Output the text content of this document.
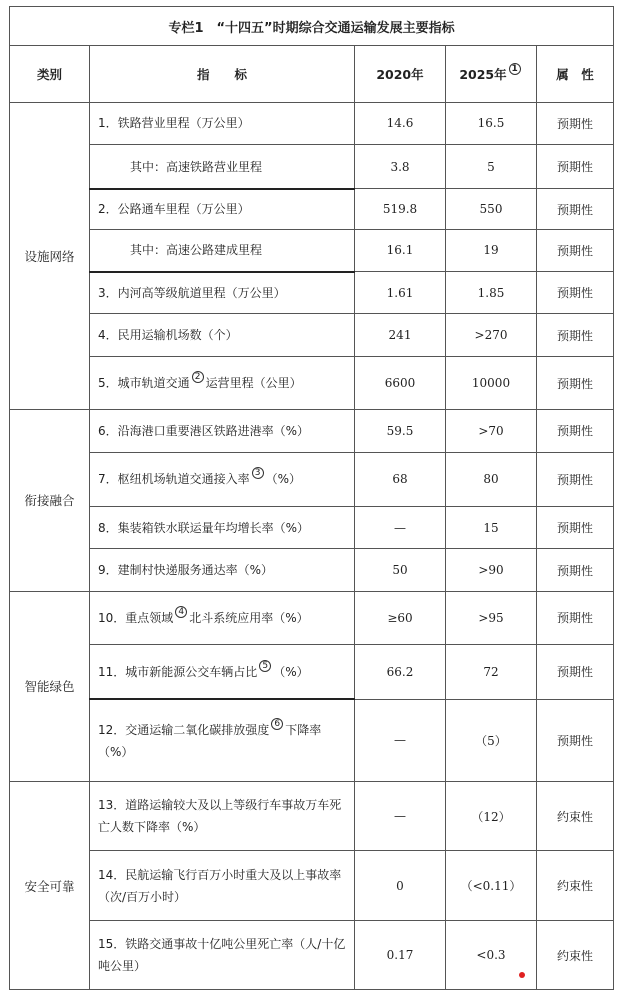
专栏1　“十四五”时期综合交通运输发展主要指标				
类别	指　　标	2020年	2025年 1	属　性
设施网络	1．铁路营业里程（万公里）	14.6	16.5	预期性
	其中：高速铁路营业里程	3.8	5	预期性
	2．公路通车里程（万公里）	519.8	550	预期性
	其中：高速公路建成里程	16.1	19	预期性
	3．内河高等级航道里程（万公里）	1.61	1.85	预期性
	4．民用运输机场数（个）	241	>270	预期性
	5．城市轨道交通 2 运营里程（公里）	6600	10000	预期性
衔接融合	6．沿海港口重要港区铁路进港率（%）	59.5	>70	预期性
	7．枢纽机场轨道交通接入率 3 （%）	68	80	预期性
	8．集装箱铁水联运量年均增长率（%）	—	15	预期性
	9．建制村快递服务通达率（%）	50	>90	预期性
智能绿色	10．重点领域 4 北斗系统应用率（%）	≥60	>95	预期性
	11．城市新能源公交车辆占比 5 （%）	66.2	72	预期性
	12．交通运输二氧化碳排放强度 6 下降率（%）	—	（5）	预期性
安全可靠	13．道路运输较大及以上等级行车事故万车死亡人数下降率（%）	—	（12）	约束性
	14．民航运输飞行百万小时重大及以上事故率（次/百万小时）	0	（<0.11）	约束性
	15．铁路交通事故十亿吨公里死亡率（人/十亿吨公里）	0.17	<0.3	约束性
